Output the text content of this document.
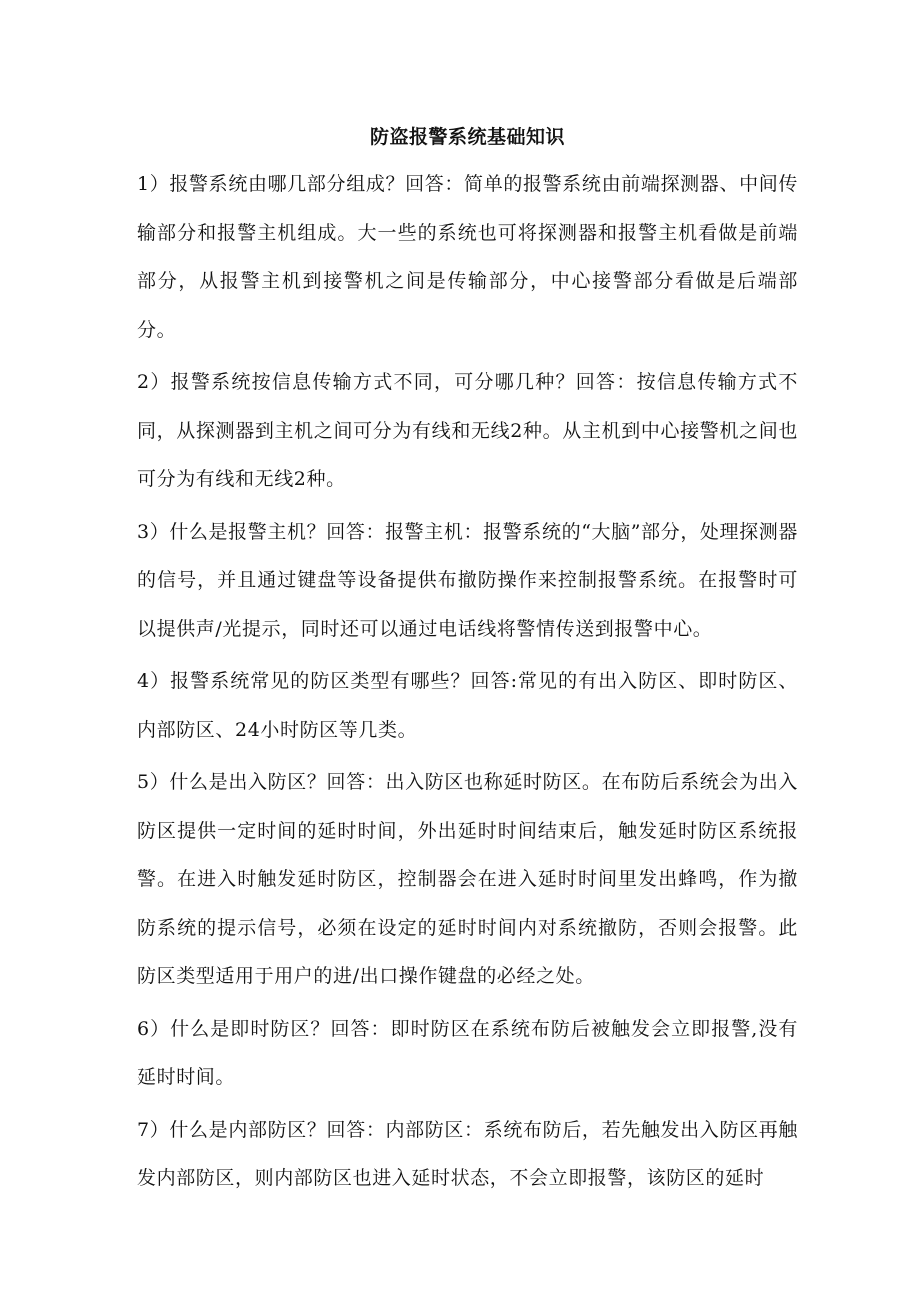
防盗报警系统基础知识

1）报警系统由哪几部分组成？回答：简单的报警系统由前端探测器、中间传输部分和报警主机组成。大一些的系统也可将探测器和报警主机看做是前端部分，从报警主机到接警机之间是传输部分，中心接警部分看做是后端部分。

2）报警系统按信息传输方式不同，可分哪几种？回答：按信息传输方式不同，从探测器到主机之间可分为有线和无线2种。从主机到中心接警机之间也可分为有线和无线2种。

3）什么是报警主机？回答：报警主机：报警系统的“大脑”部分，处理探测器的信号，并且通过键盘等设备提供布撤防操作来控制报警系统。在报警时可以提供声/光提示，同时还可以通过电话线将警情传送到报警中心。

4）报警系统常见的防区类型有哪些？回答:常见的有出入防区、即时防区、内部防区、24小时防区等几类。

5）什么是出入防区？回答：出入防区也称延时防区。在布防后系统会为出入防区提供一定时间的延时时间，外出延时时间结束后，触发延时防区系统报警。在进入时触发延时防区，控制器会在进入延时时间里发出蜂鸣，作为撤防系统的提示信号，必须在设定的延时时间内对系统撤防，否则会报警。此防区类型适用于用户的进/出口操作键盘的必经之处。

6）什么是即时防区？回答：即时防区在系统布防后被触发会立即报警,没有延时时间。

7）什么是内部防区？回答：内部防区：系统布防后，若先触发出入防区再触发内部防区，则内部防区也进入延时状态，不会立即报警，该防区的延时
